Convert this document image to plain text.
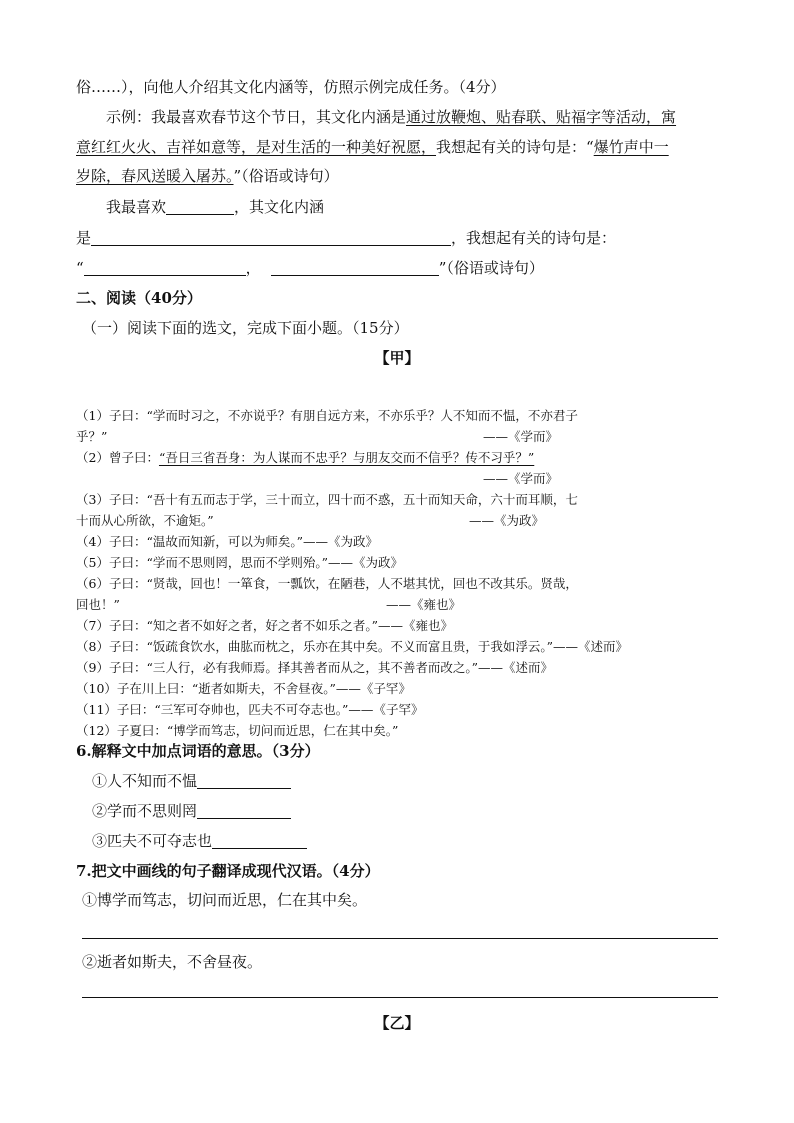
俗……），向他人介绍其文化内涵等，仿照示例完成任务。（4分）
示例：我最喜欢春节这个节日，其文化内涵是通过放鞭炮、贴春联、贴福字等活动，寓
意红红火火、吉祥如意等，是对生活的一种美好祝愿，我想起有关的诗句是：“爆竹声中一
岁除，春风送暖入屠苏。”（俗语或诗句）
我最喜欢	，其文化内涵
是	，我想起有关的诗句是：
“	，	”（俗语或诗句）
二、阅读（40分）
（一）阅读下面的选文，完成下面小题。（15分）
【甲】
（1）子曰：“学而时习之，不亦说乎？有朋自远方来，不亦乐乎？人不知而不愠，不亦君子
乎？”	——《学而》
（2）曾子曰：“吾日三省吾身：为人谋而不忠乎？与朋友交而不信乎？传不习乎？”
——《学而》
（3）子曰：“吾十有五而志于学，三十而立，四十而不惑，五十而知天命，六十而耳顺，七
十而从心所欲，不逾矩。”	——《为政》
（4）子曰：“温故而知新，可以为师矣。”——《为政》
（5）子曰：“学而不思则罔，思而不学则殆。”——《为政》
（6）子曰：“贤哉，回也！一箪食，一瓢饮，在陋巷，人不堪其忧，回也不改其乐。贤哉，
回也！”	——《雍也》
（7）子曰：“知之者不如好之者，好之者不如乐之者。”——《雍也》
（8）子曰：“饭疏食饮水，曲肱而枕之，乐亦在其中矣。不义而富且贵，于我如浮云。”——《述而》
（9）子曰：“三人行，必有我师焉。择其善者而从之，其不善者而改之。”——《述而》
（10）子在川上曰：“逝者如斯夫，不舍昼夜。”——《子罕》
（11）子曰：“三军可夺帅也，匹夫不可夺志也。”——《子罕》
（12）子夏曰：“博学而笃志，切问而近思，仁在其中矣。”
6.解释文中加点词语的意思。（3分）
①人不知而不愠
②学而不思则罔
③匹夫不可夺志也
7.把文中画线的句子翻译成现代汉语。（4分）
①博学而笃志，切问而近思，仁在其中矣。
②逝者如斯夫，不舍昼夜。
【乙】
